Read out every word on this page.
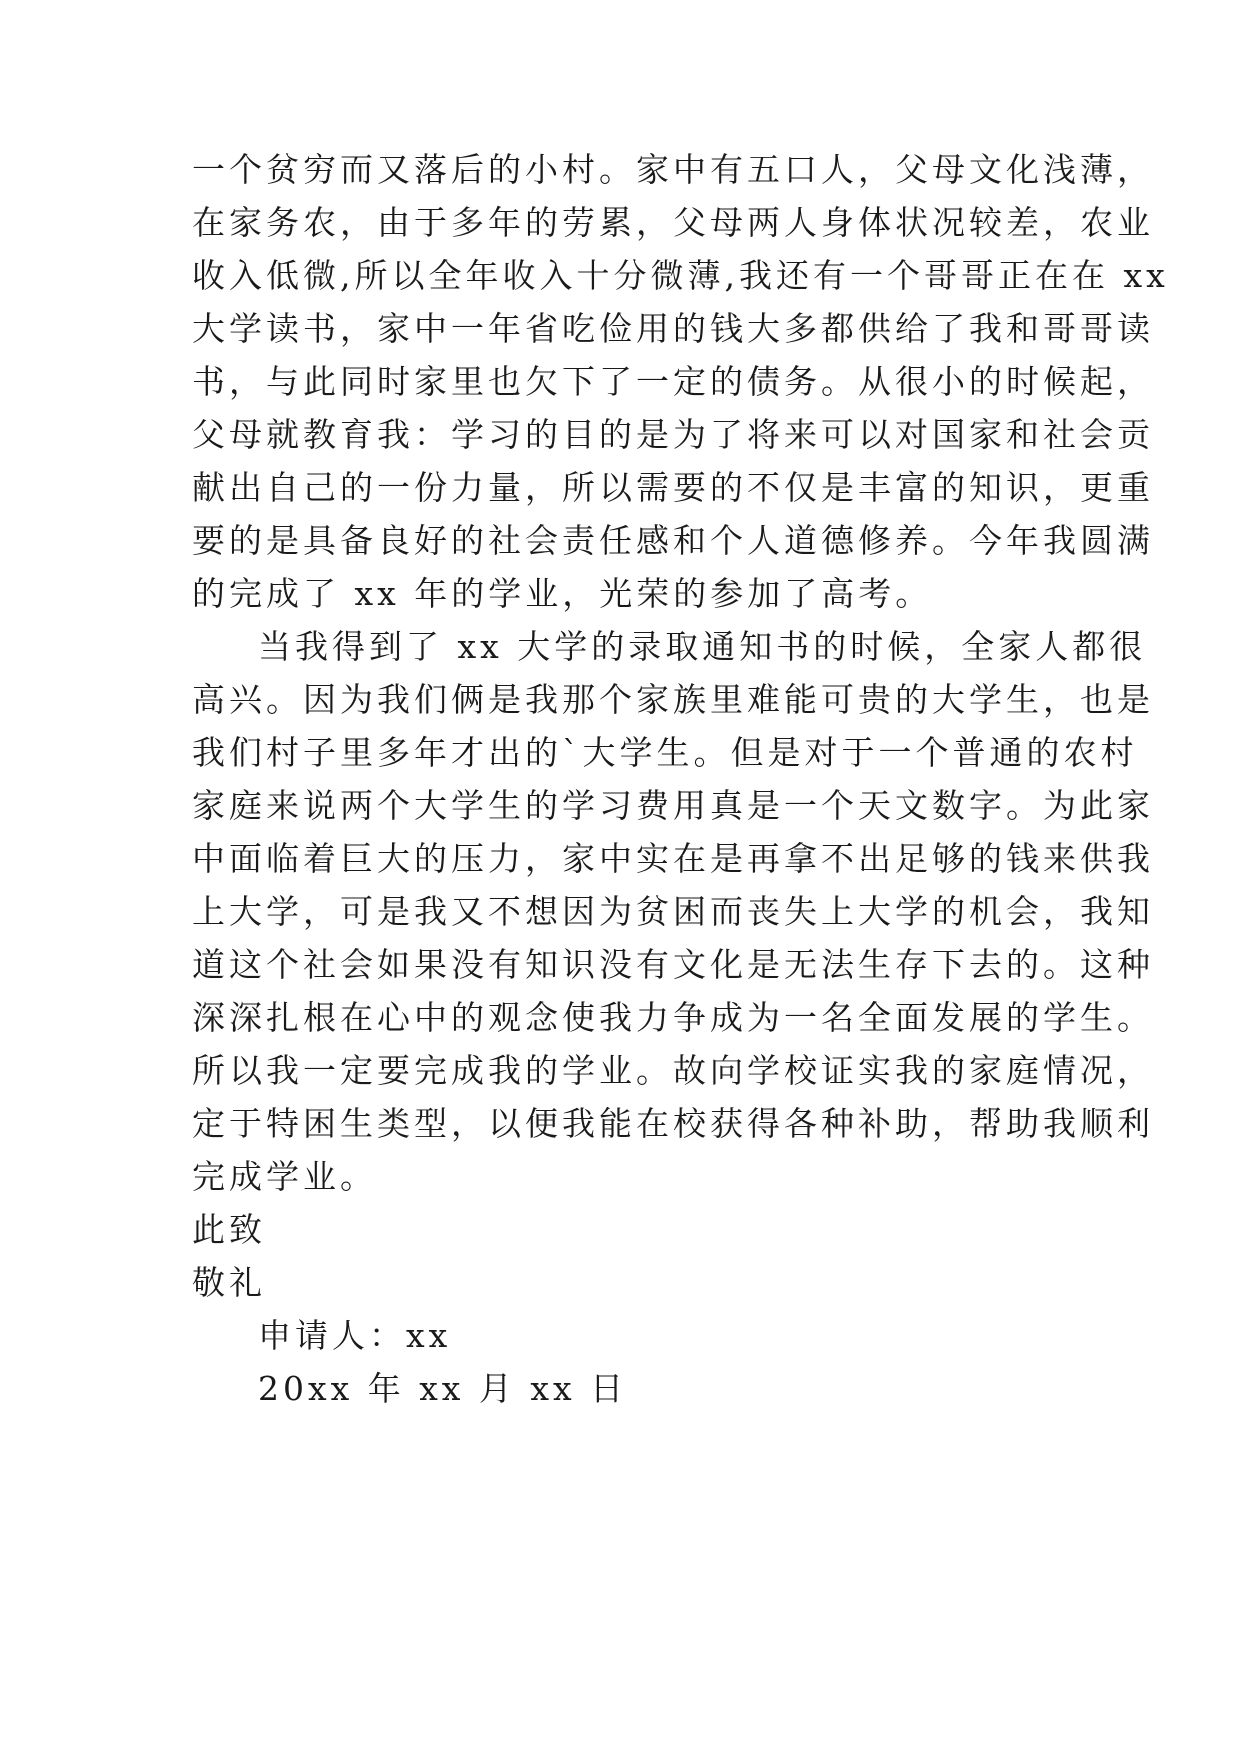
一个贫穷而又落后的小村。家中有五口人，父母文化浅薄，
在家务农，由于多年的劳累，父母两人身体状况较差，农业
收入低微,所以全年收入十分微薄,我还有一个哥哥正在在 xx
大学读书，家中一年省吃俭用的钱大多都供给了我和哥哥读
书，与此同时家里也欠下了一定的债务。从很小的时候起，
父母就教育我：学习的目的是为了将来可以对国家和社会贡
献出自己的一份力量，所以需要的不仅是丰富的知识，更重
要的是具备良好的社会责任感和个人道德修养。今年我圆满
的完成了 xx 年的学业，光荣的参加了高考。
当我得到了 xx 大学的录取通知书的时候，全家人都很
高兴。因为我们俩是我那个家族里难能可贵的大学生，也是
我们村子里多年才出的`大学生。但是对于一个普通的农村
家庭来说两个大学生的学习费用真是一个天文数字。为此家
中面临着巨大的压力，家中实在是再拿不出足够的钱来供我
上大学，可是我又不想因为贫困而丧失上大学的机会，我知
道这个社会如果没有知识没有文化是无法生存下去的。这种
深深扎根在心中的观念使我力争成为一名全面发展的学生。
所以我一定要完成我的学业。故向学校证实我的家庭情况，
定于特困生类型，以便我能在校获得各种补助，帮助我顺利
完成学业。
此致
敬礼
申请人：xx
20xx 年 xx 月 xx 日
